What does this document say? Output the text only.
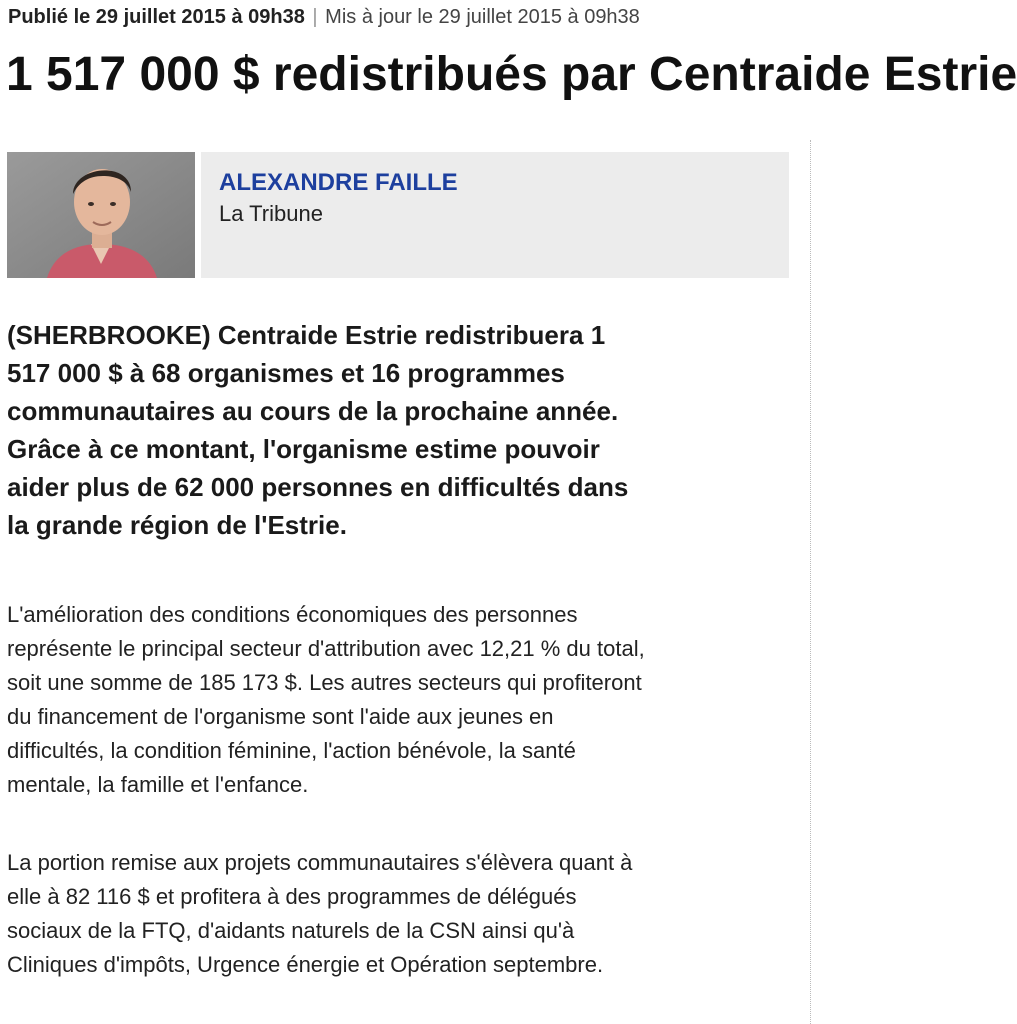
Publié le 29 juillet 2015 à 09h38 | Mis à jour le 29 juillet 2015 à 09h38
1 517 000 $ redistribués par Centraide Estrie
ALEXANDRE FAILLE
La Tribune

(SHERBROOKE) Centraide Estrie redistribuera 1
517 000 $ à 68 organismes et 16 programmes
communautaires au cours de la prochaine année.
Grâce à ce montant, l'organisme estime pouvoir
aider plus de 62 000 personnes en difficultés dans
la grande région de l'Estrie.

L'amélioration des conditions économiques des personnes
représente le principal secteur d'attribution avec 12,21 % du total,
soit une somme de 185 173 $. Les autres secteurs qui profiteront
du financement de l'organisme sont l'aide aux jeunes en
difficultés, la condition féminine, l'action bénévole, la santé
mentale, la famille et l'enfance.

La portion remise aux projets communautaires s'élèvera quant à
elle à 82 116 $ et profitera à des programmes de délégués
sociaux de la FTQ, d'aidants naturels de la CSN ainsi qu'à
Cliniques d'impôts, Urgence énergie et Opération septembre.
